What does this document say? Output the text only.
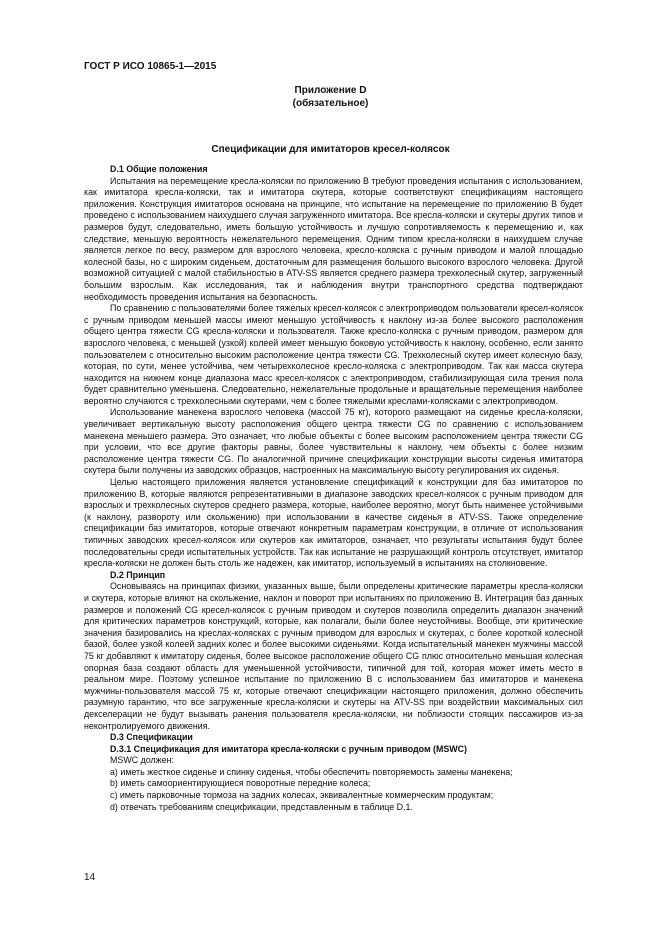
ГОСТ Р ИСО 10865-1—2015
Приложение D
(обязательное)
Спецификации для имитаторов кресел-колясок

D.1 Общие положения

Испытания на перемещение кресла-коляски по приложению В требуют проведения испытания с использованием, как имитатора кресла-коляски, так и имитатора скутера, которые соответствуют спецификациям настоящего приложения. Конструкция имитаторов основана на принципе, что испытание на перемещение по приложению В будет проведено с использованием наихудшего случая загруженного имитатора. Все кресла-коляски и скутеры других типов и размеров будут, следовательно, иметь большую устойчивость и лучшую сопротивляемость к перемещению и, как следствие, меньшую вероятность нежелательного перемещения. Одним типом кресла-коляски в наихудшем случае является легкое по весу, размером для взрослого человека, кресло-коляска с ручным приводом и малой площадью колесной базы, но с широким сиденьем, достаточным для размещения большого высокого взрослого человека. Другой возможной ситуацией с малой стабильностью в ATV-SS является среднего размера трехколесный скутер, загруженный большим взрослым. Как исследования, так и наблюдения внутри транспортного средства подтверждают необходимость проведения испытания на безопасность.

По сравнению с пользователями более тяжелых кресел-колясок с электроприводом пользователи кресел-колясок с ручным приводом меньшей массы имеют меньшую устойчивость к наклону из-за более высокого расположения общего центра тяжести CG кресла-коляски и пользователя. Также кресло-коляска с ручным приводом, размером для взрослого человека, с меньшей (узкой) колеей имеет меньшую боковую устойчивость к наклону, особенно, если занято пользователем с относительно высоким расположение центра тяжести CG. Трехколесный скутер имеет колесную базу, которая, по сути, менее устойчива, чем четырехколесное кресло-коляска с электроприводом. Так как масса скутера находится на нижнем конце диапазона масс кресел-колясок с электроприводом, стабилизирующая сила трения пола будет сравнительно уменьшена. Следовательно, нежелательные продольные и вращательные перемещения наиболее вероятно случаются с трехколесными скутерами, чем с более тяжелыми креслами-колясками с электроприводом.

Использование манекена взрослого человека (массой 75 кг), которого размещают на сиденье кресла-коляски, увеличивает вертикальную высоту расположения общего центра тяжести CG по сравнению с использованием манекена меньшего размера. Это означает, что любые объекты с более высоким расположением центра тяжести CG при условии, что все другие факторы равны, более чувствительны к наклону, чем объекты с более низким расположение центра тяжести CG. По аналогичной причине спецификации конструкции высоты сиденья имитатора скутера были получены из заводских образцов, настроенных на максимальную высоту регулирования их сиденья.

Целью настоящего приложения является установление спецификаций к конструкции для баз имитаторов по приложению В, которые являются репрезентативными в диапазоне заводских кресел-колясок с ручным приводом для взрослых и трехколесных скутеров среднего размера, которые, наиболее вероятно, могут быть наименее устойчивыми (к наклону, развороту или скольжению) при использовании в качестве сиденья в ATV-SS. Также определение спецификации баз имитаторов, которые отвечают конкретным параметрам конструкции, в отличие от использования типичных заводских кресел-колясок или скутеров как имитаторов, означает, что результаты испытания будут более последовательны среди испытательных устройств. Так как испытание не разрушающий контроль отсутствует, имитатор кресла-коляски не должен быть столь же надежен, как имитатор, используемый в испытаниях на столкновение.

D.2 Принцип

Основываясь на принципах физики, указанных выше, были определены критические параметры кресла-коляски и скутера, которые влияют на скольжение, наклон и поворот при испытаниях по приложению В. Интеграция баз данных размеров и положений CG кресел-колясок с ручным приводом и скутеров позволила определить диапазон значений для критических параметров конструкций, которые, как полагали, были более неустойчивы. Вообще, эти критические значения базировались на креслах-колясках с ручным приводом для взрослых и скутерах, с более короткой колесной базой, более узкой колеей задних колес и более высокими сиденьями. Когда испытательный манекен мужчины массой 75 кг добавляют к имитатору сиденья, более высокое расположение общего CG плюс относительно меньшая колесная опорная база создают область для уменьшенной устойчивости, типичной для той, которая может иметь место в реальном мире. Поэтому успешное испытание по приложению В с использованием баз имитаторов и манекена мужчины-пользователя массой 75 кг, которые отвечают спецификации настоящего приложения, должно обеспечить разумную гарантию, что все загруженные кресла-коляски и скутеры на ATV-SS при воздействии максимальных сил декселерации не будут вызывать ранения пользователя кресла-коляски, ни поблизости стоящих пассажиров из-за неконтролируемого движения.

D.3 Спецификации

D.3.1 Спецификация для имитатора кресла-коляски с ручным приводом (MSWC)

MSWC должен:

a) иметь жесткое сиденье и спинку сиденья, чтобы обеспечить повторяемость замены манекена;

b) иметь самоориентирующиеся поворотные передние колеса;

c) иметь парковочные тормоза на задних колесах, эквивалентные коммерческим продуктам;

d) отвечать требованиям спецификации, представленным в таблице D.1.

14
